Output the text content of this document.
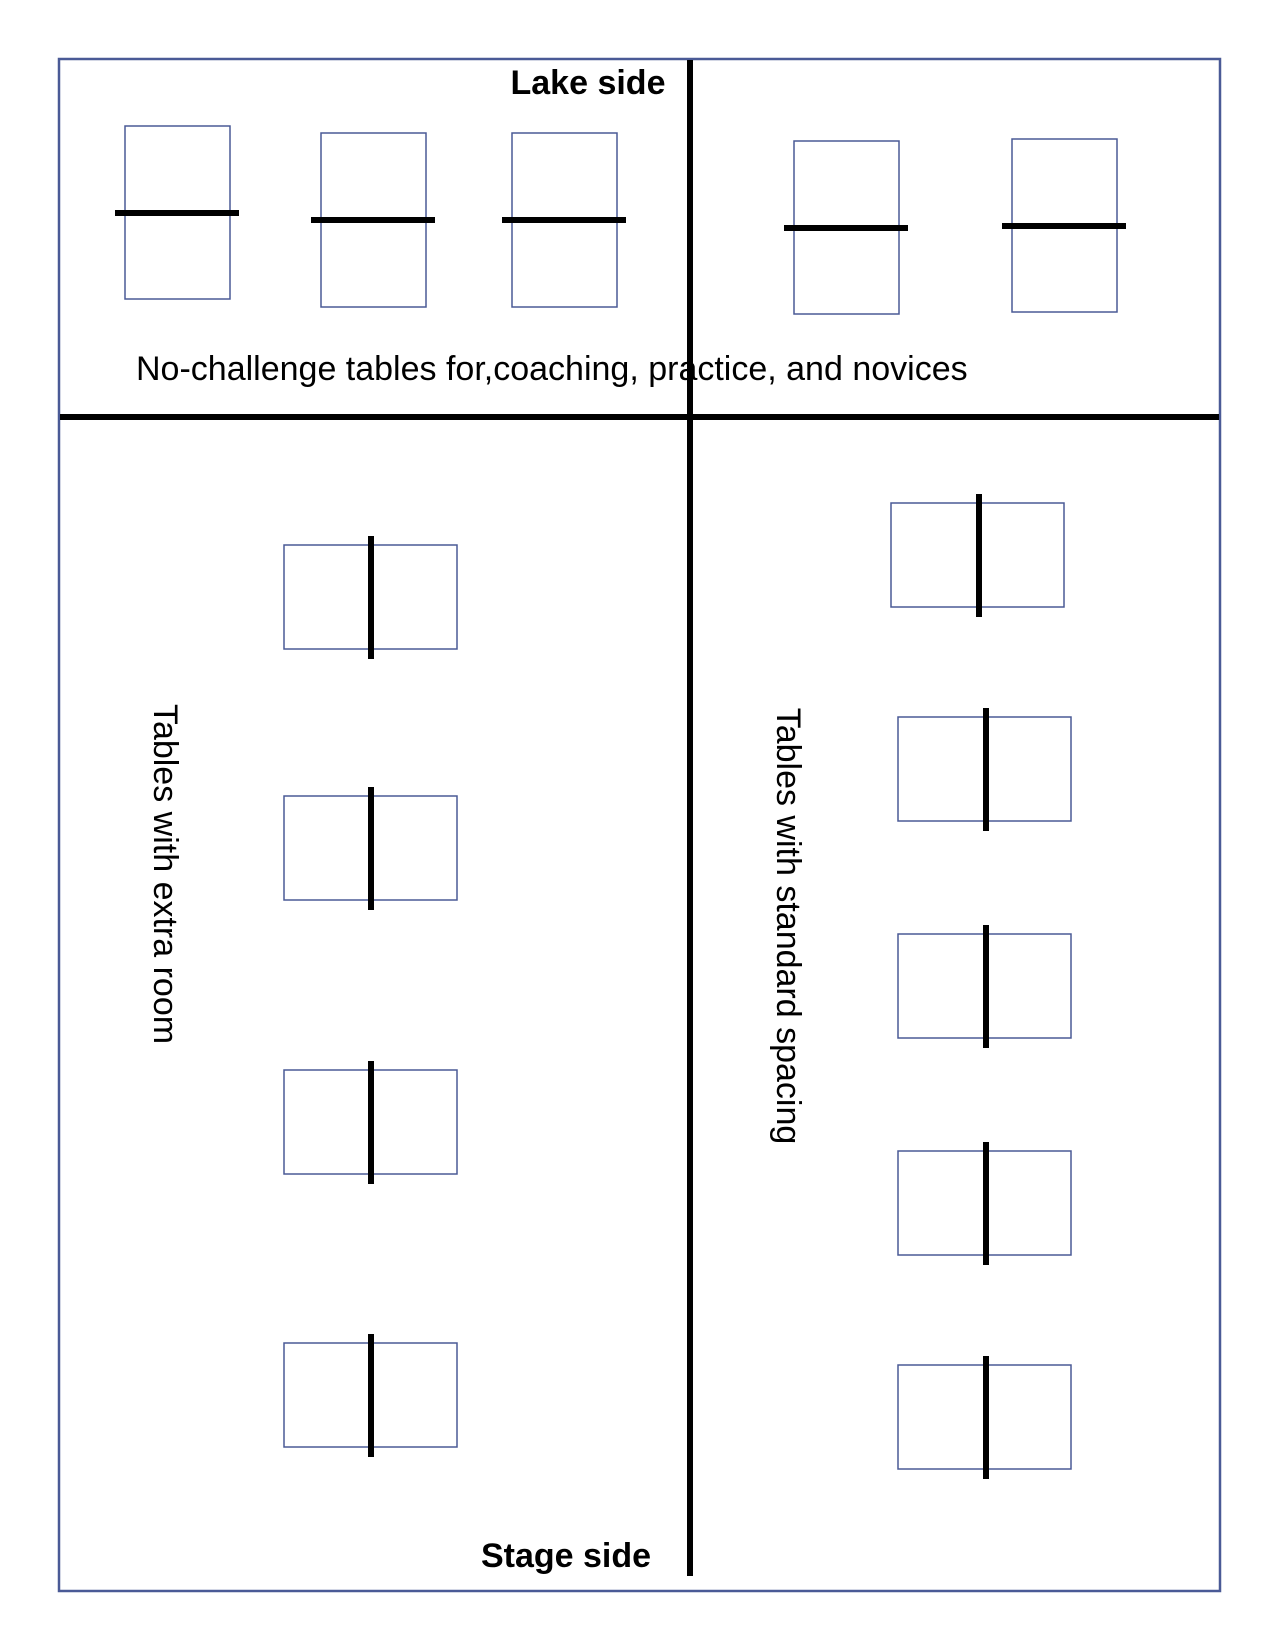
Lake side
Stage side
No-challenge tables for,coaching, practice, and novices
Tables with extra room	Tables with standard spacing
